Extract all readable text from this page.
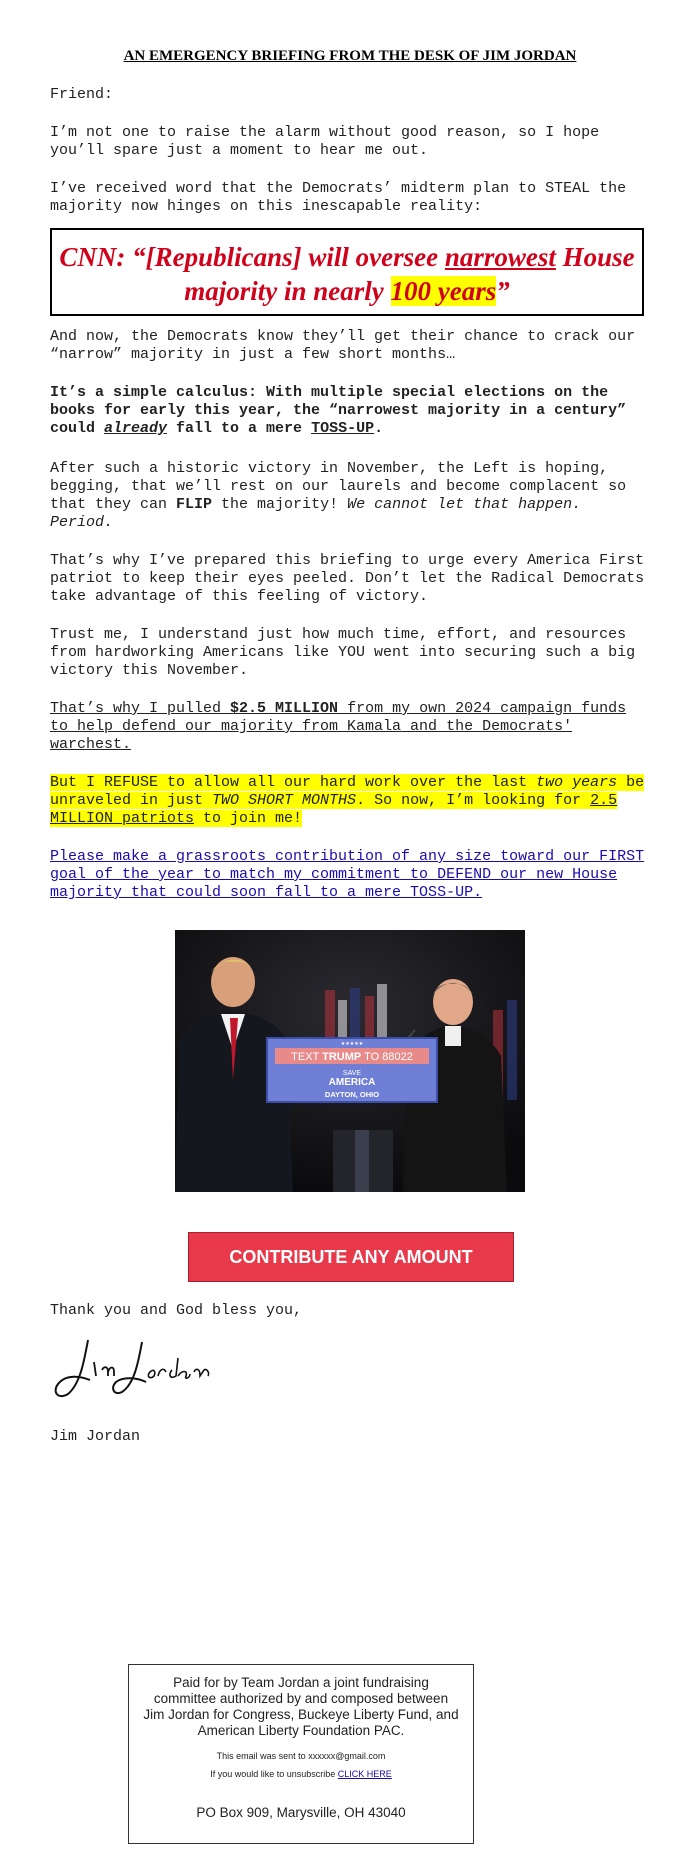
AN EMERGENCY BRIEFING FROM THE DESK OF JIM JORDAN

Friend:

I’m not one to raise the alarm without good reason, so I hope you’ll spare just a moment to hear me out.

I’ve received word that the Democrats’ midterm plan to STEAL the majority now hinges on this inescapable reality:

CNN: “[Republicans] will oversee narrowest House majority in nearly 100 years”

And now, the Democrats know they’ll get their chance to crack our “narrow” majority in just a few short months…

It’s a simple calculus: With multiple special elections on the books for early this year, the “narrowest majority in a century” could already fall to a mere TOSS-UP.

After such a historic victory in November, the Left is hoping, begging, that we’ll rest on our laurels and become complacent so that they can FLIP the majority! We cannot let that happen. Period.

That’s why I’ve prepared this briefing to urge every America First patriot to keep their eyes peeled. Don’t let the Radical Democrats take advantage of this feeling of victory.

Trust me, I understand just how much time, effort, and resources from hardworking Americans like YOU went into securing such a big victory this November.

That’s why I pulled $2.5 MILLION from my own 2024 campaign funds to help defend our majority from Kamala and the Democrats' warchest.

But I REFUSE to allow all our hard work over the last two years be unraveled in just TWO SHORT MONTHS. So now, I’m looking for 2.5 MILLION patriots to join me!

Please make a grassroots contribution of any size toward our FIRST goal of the year to match my commitment to DEFEND our new House majority that could soon fall to a mere TOSS-UP.

★★★★★
TEXT TRUMP TO 88022
SAVE
AMERICA
DAYTON, OHIO
CONTRIBUTE ANY AMOUNT

Thank you and God bless you,

Jim Jordan

Paid for by Team Jordan a joint fundraising committee authorized by and composed between Jim Jordan for Congress, Buckeye Liberty Fund, and American Liberty Foundation PAC.
This email was sent to xxxxxx@gmail.com
If you would like to unsubscribe CLICK HERE
PO Box 909, Marysville, OH 43040
